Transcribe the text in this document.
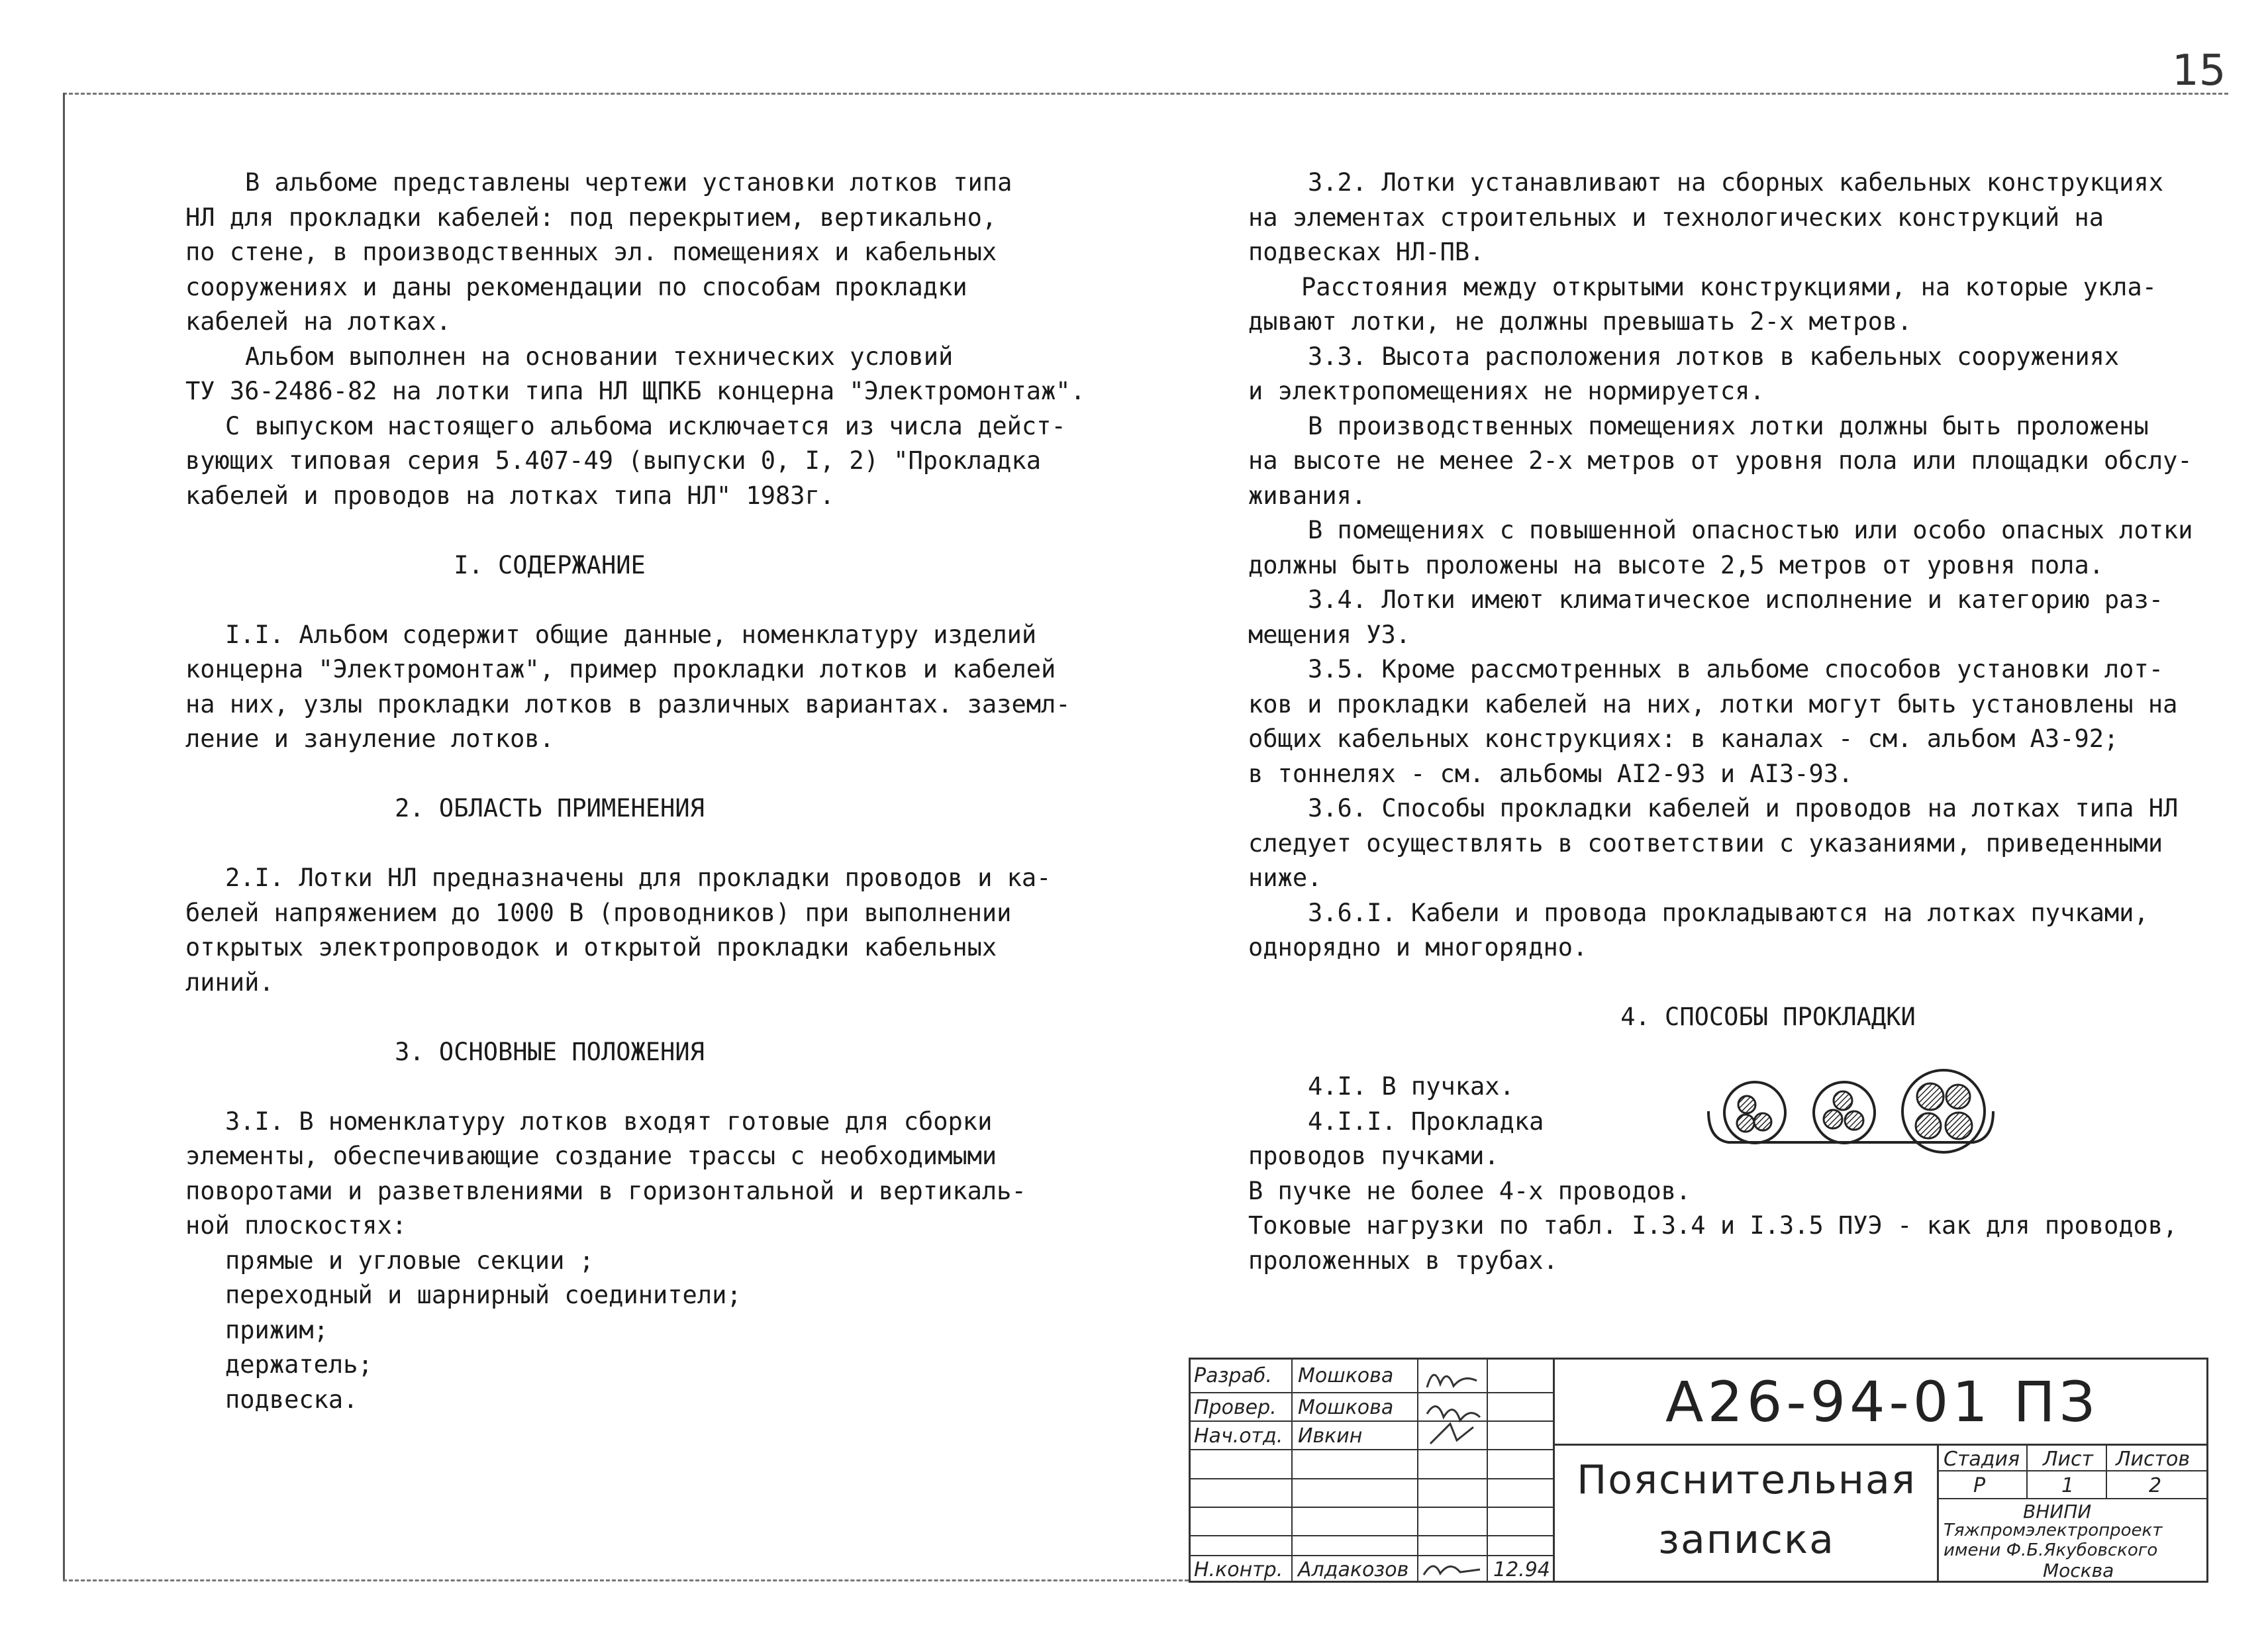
15

В альбоме представлены чертежи установки лотков типа

НЛ для прокладки кабелей: под перекрытием, вертикально,

по стене, в производственных эл. помещениях и кабельных

сооружениях и даны рекомендации по способам прокладки

кабелей на лотках.

Альбом выполнен на основании технических условий

ТУ 36-2486-82 на лотки типа НЛ ЩПКБ концерна "Электромонтаж".

С выпуском настоящего альбома исключается из числа дейст-

вующих типовая серия 5.407-49 (выпуски 0, I, 2) "Прокладка

кабелей и проводов на лотках типа НЛ" 1983г.

I. СОДЕРЖАНИЕ

I.I. Альбом содержит общие данные, номенклатуру изделий

концерна "Электромонтаж", пример прокладки лотков и кабелей

на них, узлы прокладки лотков в различных вариантах. заземл-

ление и зануление лотков.

2. ОБЛАСТЬ ПРИМЕНЕНИЯ

2.I. Лотки НЛ предназначены для прокладки проводов и ка-

белей напряжением до 1000 В (проводников) при выполнении

открытых электропроводок и открытой прокладки кабельных

линий.

3. ОСНОВНЫЕ ПОЛОЖЕНИЯ

3.I. В номенклатуру лотков входят готовые для сборки

элементы, обеспечивающие создание трассы с необходимыми

поворотами и разветвлениями в горизонтальной и вертикаль-

ной плоскостях:

прямые и угловые секции ;

переходный и шарнирный соединители;

прижим;

держатель;

подвеска.

3.2. Лотки устанавливают на сборных кабельных конструкциях

на элементах строительных и технологических конструкций на

подвесках НЛ-ПВ.

Расстояния между открытыми конструкциями, на которые укла-

дывают лотки, не должны превышать 2-х метров.

3.3. Высота расположения лотков в кабельных сооружениях

и электропомещениях не нормируется.

В производственных помещениях лотки должны быть проложены

на высоте не менее 2-х метров от уровня пола или площадки обслу-

живания.

В помещениях с повышенной опасностью или особо опасных лотки

должны быть проложены на высоте 2,5 метров от уровня пола.

3.4. Лотки имеют климатическое исполнение и категорию раз-

мещения У3.

3.5. Кроме рассмотренных в альбоме способов установки лот-

ков и прокладки кабелей на них, лотки могут быть установлены на

общих кабельных конструкциях: в каналах - см. альбом А3-92;

в тоннелях - см. альбомы АI2-93 и АI3-93.

3.6. Способы прокладки кабелей и проводов на лотках типа НЛ

следует осуществлять в соответствии с указаниями, приведенными

ниже.

3.6.I. Кабели и провода прокладываются на лотках пучками,

однорядно и многорядно.

4. СПОСОБЫ ПРОКЛАДКИ

4.I. В пучках.

4.I.I. Прокладка

проводов пучками.

В пучке не более 4-х проводов.

Токовые нагрузки по табл. I.3.4 и I.3.5 ПУЭ - как для проводов,

проложенных в трубах.

Разраб. Мошкова
Провер. Мошкова
Нач.отд. Ивкин
Н.контр. Алдакозов	12.94
А26-94-01 ПЗ
Пояснительная
записка
Стадия Лист Листов
Р	1	2
ВНИПИ
Тяжпромэлектропроект
имени Ф.Б.Якубовского
Москва
